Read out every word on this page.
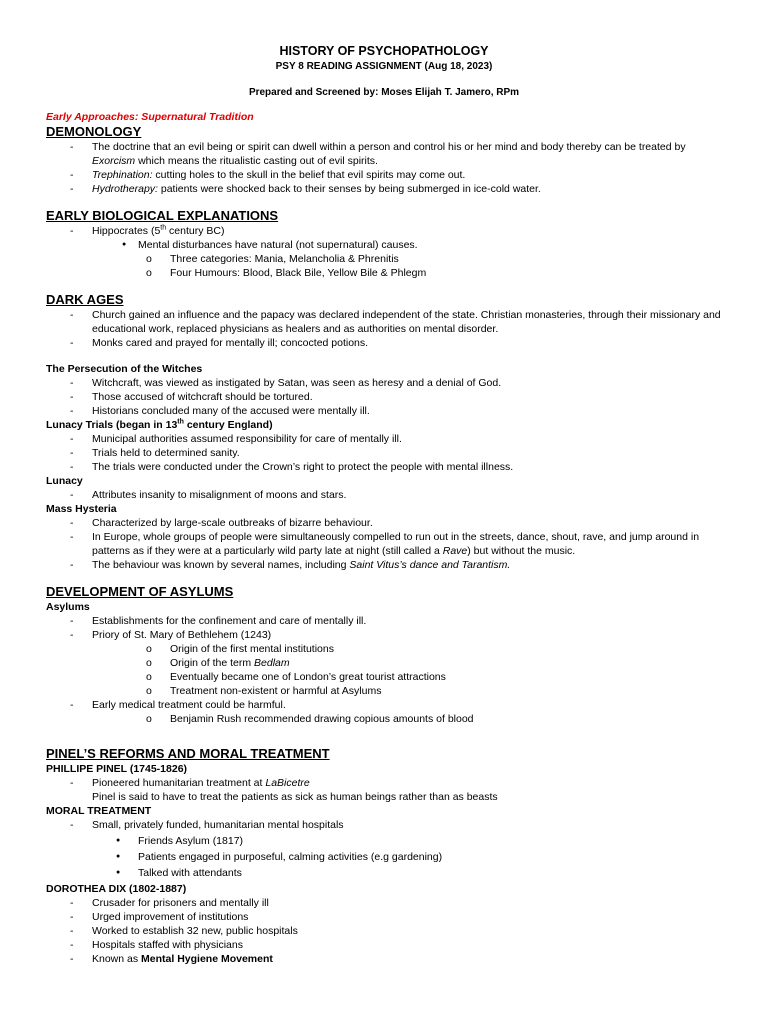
HISTORY OF PSYCHOPATHOLOGY
PSY 8 READING ASSIGNMENT (Aug 18, 2023)
Prepared and Screened by: Moses Elijah T. Jamero, RPm
Early Approaches: Supernatural Tradition
DEMONOLOGY
- The doctrine that an evil being or spirit can dwell within a person and control his or her mind and body thereby can be treated by
Exorcism which means the ritualistic casting out of evil spirits.
- Trephination: cutting holes to the skull in the belief that evil spirits may come out.
- Hydrotherapy: patients were shocked back to their senses by being submerged in ice-cold water.
EARLY BIOLOGICAL EXPLANATIONS
- Hippocrates (5th century BC)
● Mental disturbances have natural (not supernatural) causes.
o Three categories: Mania, Melancholia & Phrenitis
o Four Humours: Blood, Black Bile, Yellow Bile & Phlegm
DARK AGES
- Church gained an influence and the papacy was declared independent of the state. Christian monasteries, through their missionary and educational work, replaced physicians as healers and as authorities on mental disorder.
- Monks cared and prayed for mentally ill; concocted potions.
The Persecution of the Witches
- Witchcraft, was viewed as instigated by Satan, was seen as heresy and a denial of God.
- Those accused of witchcraft should be tortured.
- Historians concluded many of the accused were mentally ill.
Lunacy Trials (began in 13th century England)
- Municipal authorities assumed responsibility for care of mentally ill.
- Trials held to determined sanity.
- The trials were conducted under the Crown’s right to protect the people with mental illness.
Lunacy
- Attributes insanity to misalignment of moons and stars.
Mass Hysteria
- Characterized by large-scale outbreaks of bizarre behaviour.
- In Europe, whole groups of people were simultaneously compelled to run out in the streets, dance, shout, rave, and jump around in patterns as if they were at a particularly wild party late at night (still called a Rave) but without the music.
- The behaviour was known by several names, including Saint Vitus’s dance and Tarantism.
DEVELOPMENT OF ASYLUMS
Asylums
- Establishments for the confinement and care of mentally ill.
- Priory of St. Mary of Bethlehem (1243)
o Origin of the first mental institutions
o Origin of the term Bedlam
o Eventually became one of London’s great tourist attractions
o Treatment non-existent or harmful at Asylums
- Early medical treatment could be harmful.
o Benjamin Rush recommended drawing copious amounts of blood
PINEL’S REFORMS AND MORAL TREATMENT
PHILLIPE PINEL (1745-1826)
- Pioneered humanitarian treatment at LaBicetre
Pinel is said to have to treat the patients as sick as human beings rather than as beasts
MORAL TREATMENT
- Small, privately funded, humanitarian mental hospitals
● Friends Asylum (1817)
● Patients engaged in purposeful, calming activities (e.g gardening)
● Talked with attendants
DOROTHEA DIX (1802-1887)
- Crusader for prisoners and mentally ill
- Urged improvement of institutions
- Worked to establish 32 new, public hospitals
- Hospitals staffed with physicians
- Known as Mental Hygiene Movement
